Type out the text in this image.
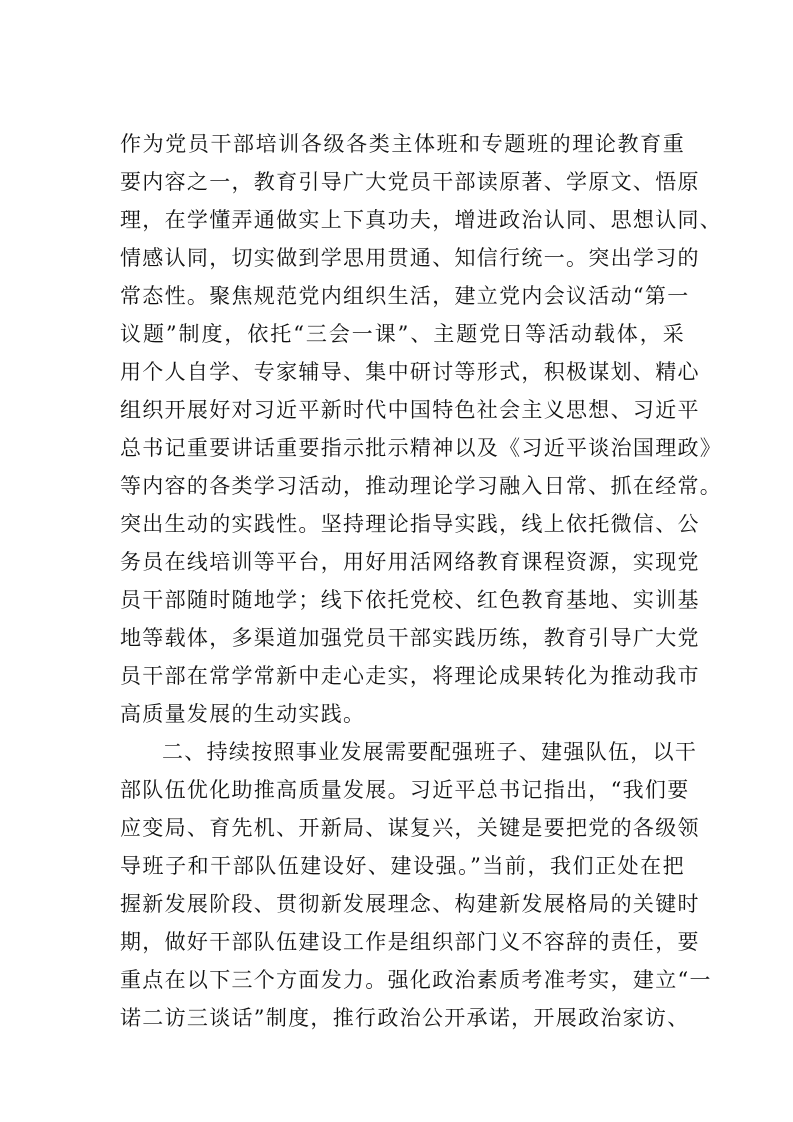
作为党员干部培训各级各类主体班和专题班的理论教育重
要内容之一，教育引导广大党员干部读原著、学原文、悟原
理，在学懂弄通做实上下真功夫，增进政治认同、思想认同、
情感认同，切实做到学思用贯通、知信行统一。突出学习的
常态性。聚焦规范党内组织生活，建立党内会议活动“第一
议题”制度，依托“三会一课”、主题党日等活动载体，采
用个人自学、专家辅导、集中研讨等形式，积极谋划、精心
组织开展好对习近平新时代中国特色社会主义思想、习近平
总书记重要讲话重要指示批示精神以及《习近平谈治国理政》
等内容的各类学习活动，推动理论学习融入日常、抓在经常。
突出生动的实践性。坚持理论指导实践，线上依托微信、公
务员在线培训等平台，用好用活网络教育课程资源，实现党
员干部随时随地学；线下依托党校、红色教育基地、实训基
地等载体，多渠道加强党员干部实践历练，教育引导广大党
员干部在常学常新中走心走实，将理论成果转化为推动我市
高质量发展的生动实践。
二、持续按照事业发展需要配强班子、建强队伍，以干
部队伍优化助推高质量发展。习近平总书记指出，“我们要
应变局、育先机、开新局、谋复兴，关键是要把党的各级领
导班子和干部队伍建设好、建设强。”当前，我们正处在把
握新发展阶段、贯彻新发展理念、构建新发展格局的关键时
期，做好干部队伍建设工作是组织部门义不容辞的责任，要
重点在以下三个方面发力。强化政治素质考准考实，建立“一
诺二访三谈话”制度，推行政治公开承诺，开展政治家访、
